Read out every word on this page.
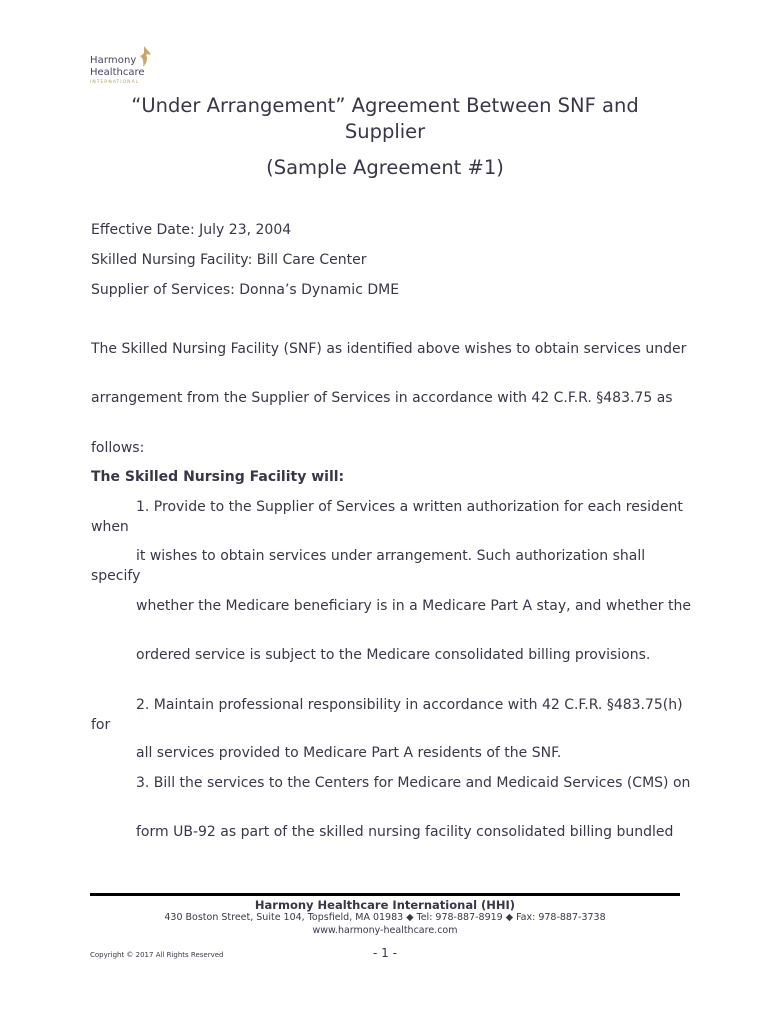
Harmony
Healthcare
INTERNATIONAL
“Under Arrangement” Agreement Between SNF and
Supplier
(Sample Agreement #1)
Effective Date: July 23, 2004
Skilled Nursing Facility: Bill Care Center
Supplier of Services: Donna’s Dynamic DME
The Skilled Nursing Facility (SNF) as identified above wishes to obtain services under
arrangement from the Supplier of Services in accordance with 42 C.F.R. §483.75 as
follows:
The Skilled Nursing Facility will:
1. Provide to the Supplier of Services a written authorization for each resident when
it wishes to obtain services under arrangement. Such authorization shall specify
whether the Medicare beneficiary is in a Medicare Part A stay, and whether the
ordered service is subject to the Medicare consolidated billing provisions.
2. Maintain professional responsibility in accordance with 42 C.F.R. §483.75(h) for
all services provided to Medicare Part A residents of the SNF.
3. Bill the services to the Centers for Medicare and Medicaid Services (CMS) on
form UB-92 as part of the skilled nursing facility consolidated billing bundled
Harmony Healthcare International (HHI)
430 Boston Street, Suite 104, Topsfield, MA 01983 ◆ Tel: 978-887-8919 ◆ Fax: 978-887-3738
www.harmony-healthcare.com
Copyright © 2017 All Rights Reserved	- 1 -
